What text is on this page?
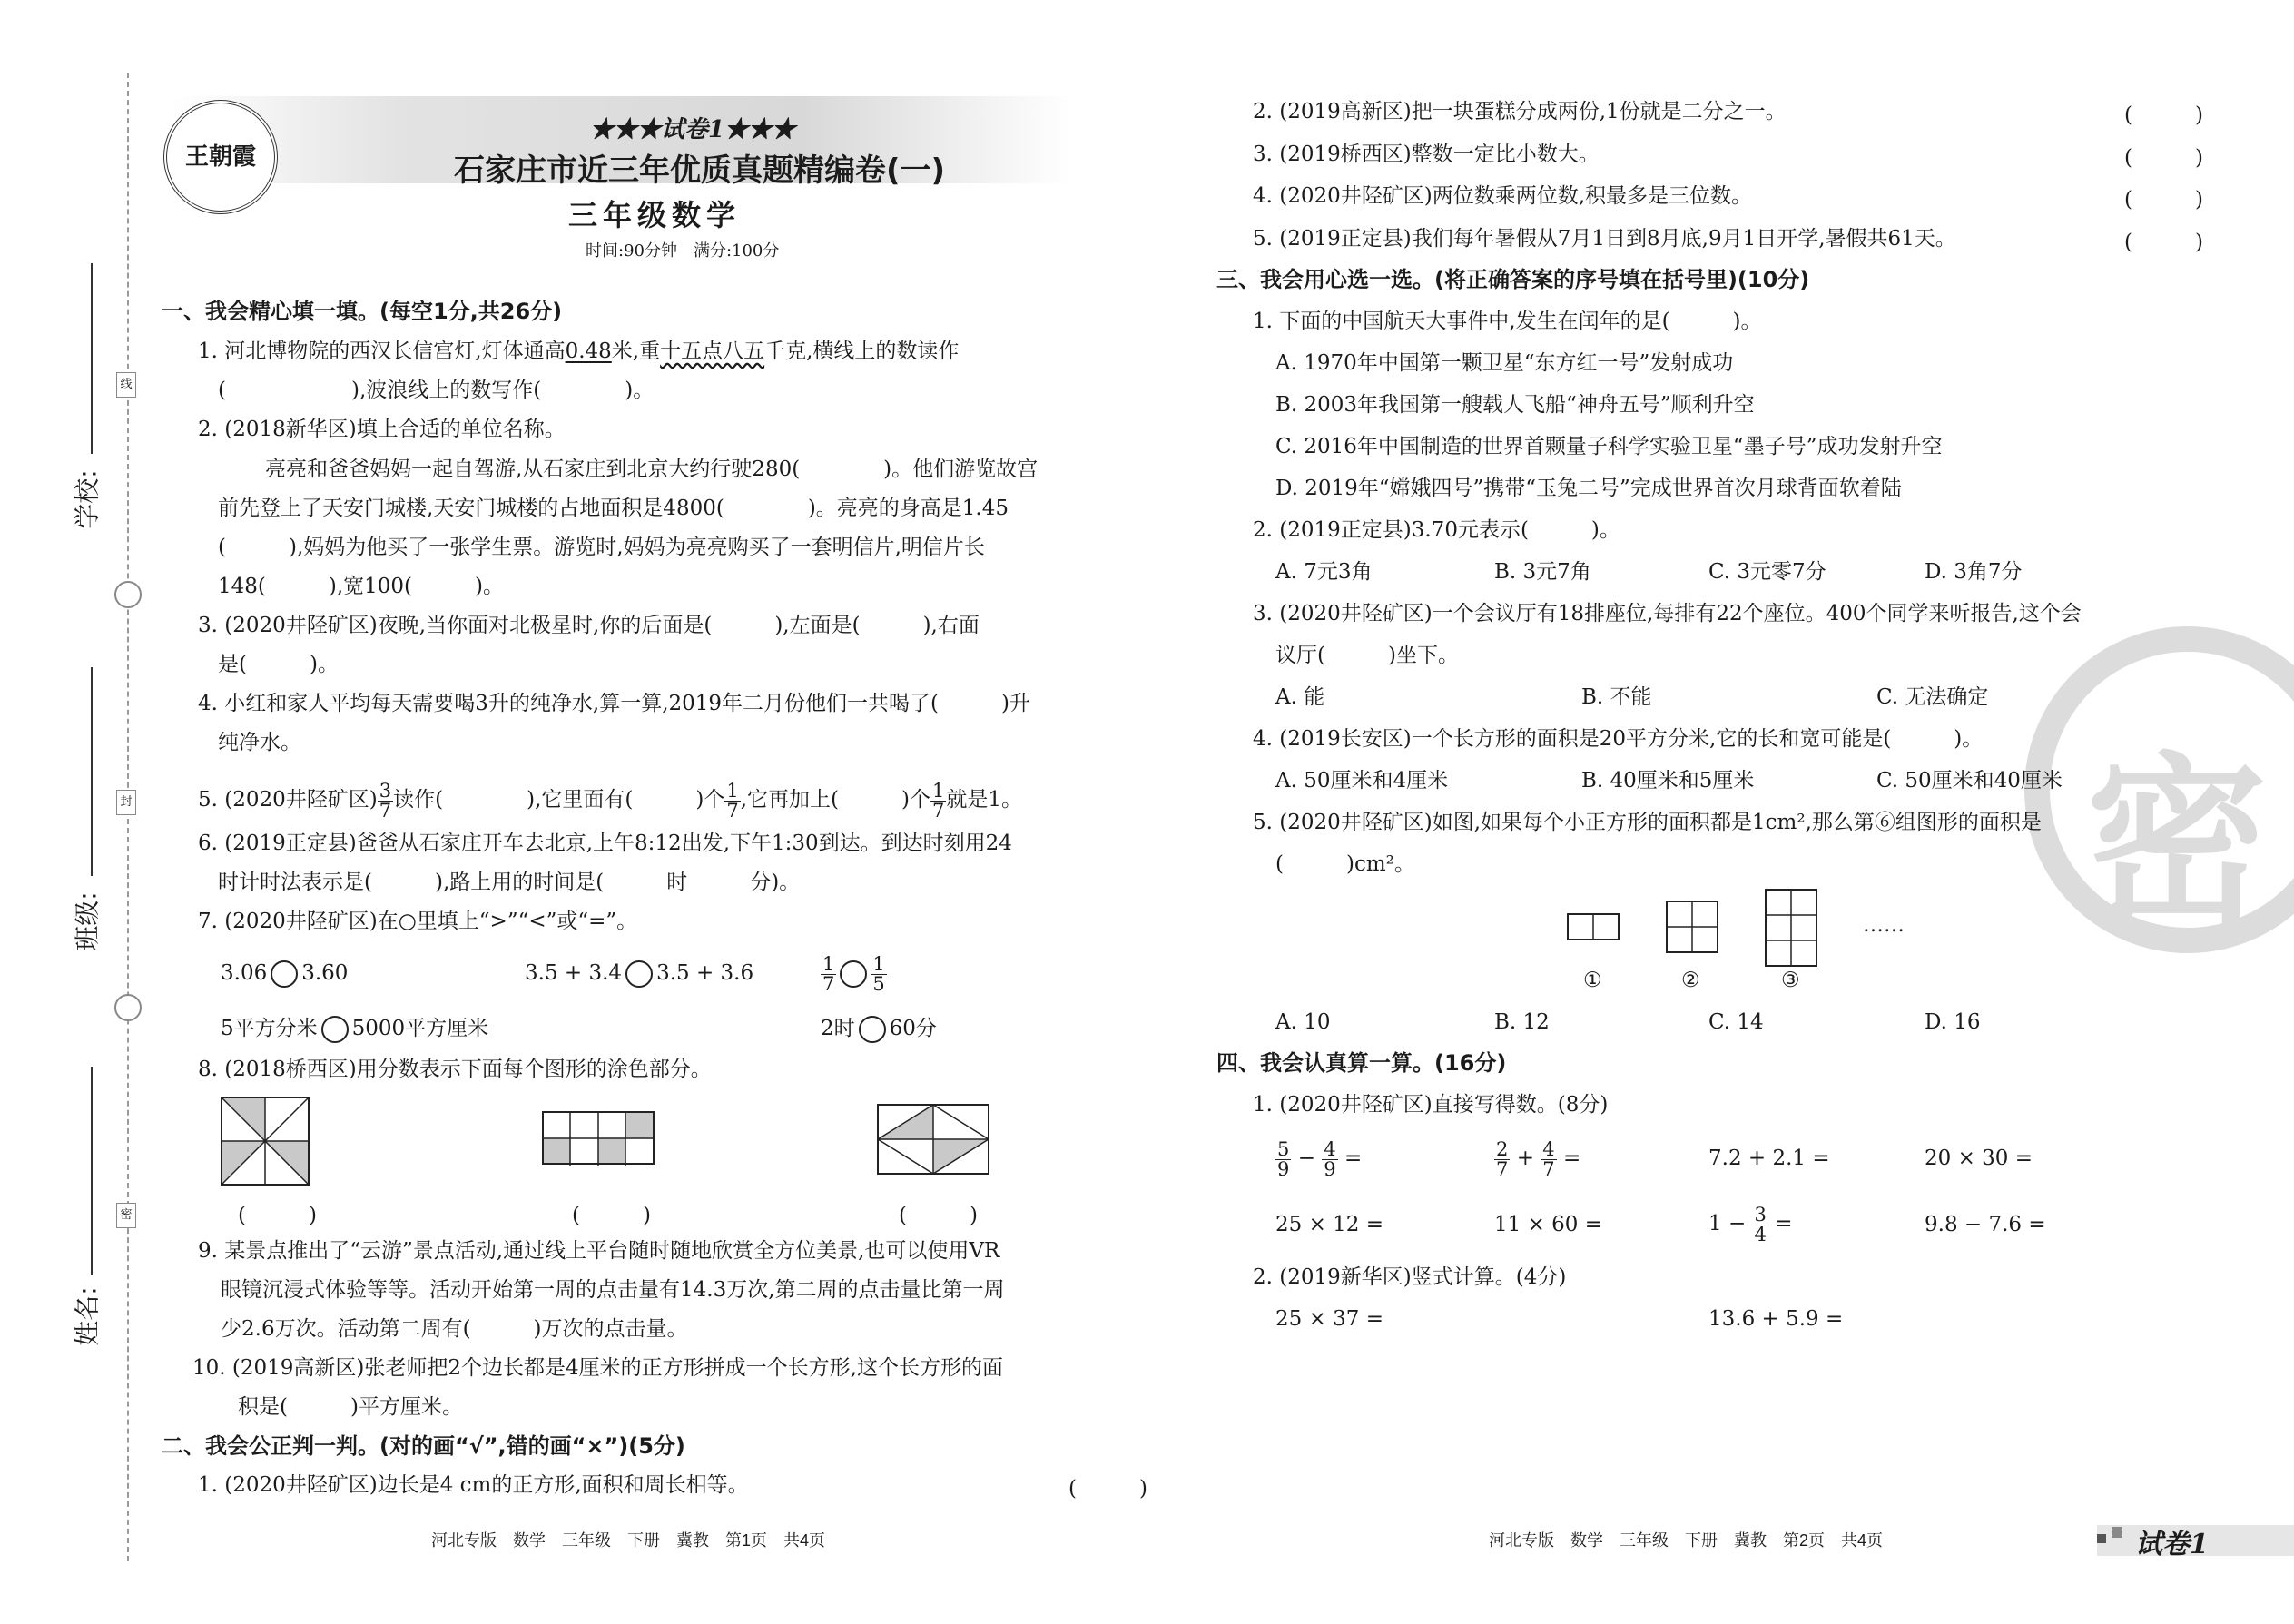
线
封
密
学校:
班级:
姓名:
王朝霞
★★★试卷1★★★
石家庄市近三年优质真题精编卷(一)
三年级数学
时间:90分钟　满分:100分
一、我会精心填一填。(每空1分,共26分)
1. 河北博物院的西汉长信宫灯,灯体通高0.48米,重十五点八五千克,横线上的数读作
(　　　　　　),波浪线上的数写作(　　　　)。
2. (2018新华区)填上合适的单位名称。
亮亮和爸爸妈妈一起自驾游,从石家庄到北京大约行驶280(　　　　)。他们游览故宫
前先登上了天安门城楼,天安门城楼的占地面积是4800(　　　　)。亮亮的身高是1.45
(　　　),妈妈为他买了一张学生票。游览时,妈妈为亮亮购买了一套明信片,明信片长
148(　　　),宽100(　　　)。
3. (2020井陉矿区)夜晚,当你面对北极星时,你的后面是(　　　),左面是(　　　),右面
是(　　　)。
4. 小红和家人平均每天需要喝3升的纯净水,算一算,2019年二月份他们一共喝了(　　　)升
纯净水。
5. (2020井陉矿区) $\frac{3}{7}$ 读作(　　　　),它里面有(　　　)个 $\frac{1}{7}$ ,它再加上(　　　)个 $\frac{1}{7}$ 就是1。
6. (2019正定县)爸爸从石家庄开车去北京,上午8:12出发,下午1:30到达。到达时刻用24
时计时法表示是(　　　),路上用的时间是(　　　时　　　分)。
7. (2020井陉矿区)在○里填上“>”“<”或“=”。
3.06 3.60	3.5 + 3.4 3.5 + 3.6	$\frac{1}{7} \frac{1}{5}$
5平方分米 5000平方厘米	2时 60分
8. (2018桥西区)用分数表示下面每个图形的涂色部分。
(　　　)	(　　　)	(　　　)
9. 某景点推出了“云游”景点活动,通过线上平台随时随地欣赏全方位美景,也可以使用VR
眼镜沉浸式体验等等。活动开始第一周的点击量有14.3万次,第二周的点击量比第一周
少2.6万次。活动第二周有(　　　)万次的点击量。
10. (2019高新区)张老师把2个边长都是4厘米的正方形拼成一个长方形,这个长方形的面
积是(　　　)平方厘米。
二、我会公正判一判。(对的画“√”,错的画“×”)(5分)
1. (2020井陉矿区)边长是4 cm的正方形,面积和周长相等。	(　　　)
河北专版　数学　三年级　下册　冀教　第1页　共4页
密
2. (2019高新区)把一块蛋糕分成两份,1份就是二分之一。	(　　　)
3. (2019桥西区)整数一定比小数大。	(　　　)
4. (2020井陉矿区)两位数乘两位数,积最多是三位数。	(　　　)
5. (2019正定县)我们每年暑假从7月1日到8月底,9月1日开学,暑假共61天。	(　　　)
三、我会用心选一选。(将正确答案的序号填在括号里)(10分)
1. 下面的中国航天大事件中,发生在闰年的是(　　　)。
A. 1970年中国第一颗卫星“东方红一号”发射成功
B. 2003年我国第一艘载人飞船“神舟五号”顺利升空
C. 2016年中国制造的世界首颗量子科学实验卫星“墨子号”成功发射升空
D. 2019年“嫦娥四号”携带“玉兔二号”完成世界首次月球背面软着陆
2. (2019正定县)3.70元表示(　　　)。
A. 7元3角	B. 3元7角	C. 3元零7分	D. 3角7分
3. (2020井陉矿区)一个会议厅有18排座位,每排有22个座位。400个同学来听报告,这个会
议厅(　　　)坐下。
A. 能	B. 不能	C. 无法确定
4. (2019长安区)一个长方形的面积是20平方分米,它的长和宽可能是(　　　)。
A. 50厘米和4厘米	B. 40厘米和5厘米	C. 50厘米和40厘米
5. (2020井陉矿区)如图,如果每个小正方形的面积都是1cm²,那么第⑥组图形的面积是
(　　　)cm²。
……
①	②	③
A. 10	B. 12	C. 14	D. 16
四、我会认真算一算。(16分)
1. (2020井陉矿区)直接写得数。(8分)
$\frac{5}{9} - \frac{4}{9}$ =	$\frac{2}{7} + \frac{4}{7}$ =	7.2 + 2.1 =	20 × 30 =
25 × 12 =	11 × 60 =	$1 - \frac{3}{4}$ =	9.8 − 7.6 =
2. (2019新华区)竖式计算。(4分)
25 × 37 =	13.6 + 5.9 =
河北专版　数学　三年级　下册　冀教　第2页　共4页	试卷1
